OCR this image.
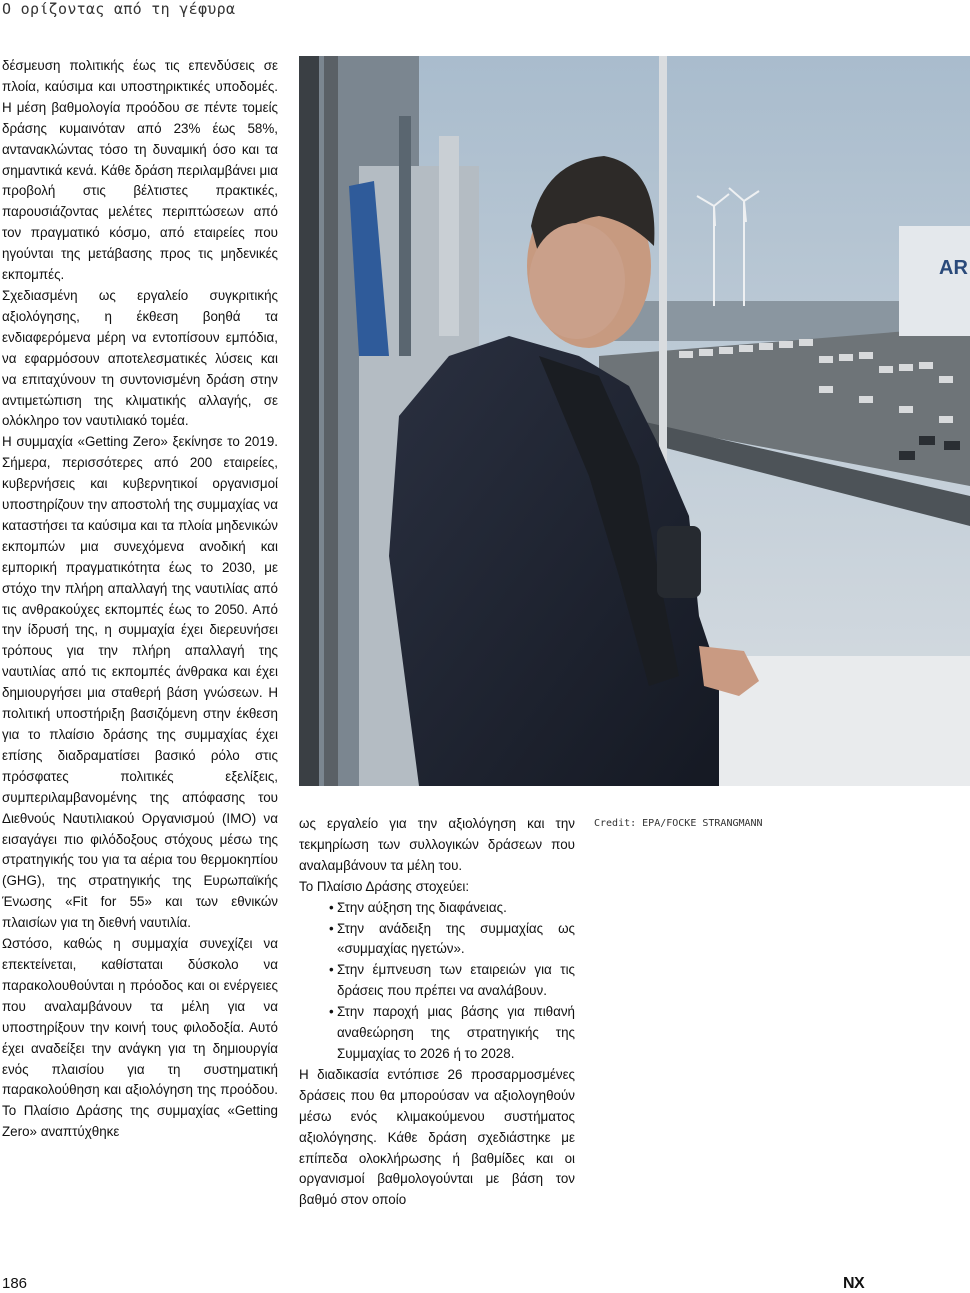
Ο ορίζοντας από τη γέφυρα

δέσμευση πολιτικής έως τις επενδύσεις σε πλοία, καύσιμα και υποστηρικτικές υποδομές. Η μέση βαθμολογία προόδου σε πέντε τομείς δράσης κυμαινόταν από 23% έως 58%, αντανακλώντας τόσο τη δυναμική όσο και τα σημαντικά κενά. Κάθε δράση περιλαμβάνει μια προβολή στις βέλτιστες πρακτικές, παρουσιάζοντας μελέτες περιπτώσεων από τον πραγματικό κόσμο, από εταιρείες που ηγούνται της μετάβασης προς τις μηδενικές εκπομπές.

Σχεδιασμένη ως εργαλείο συγκριτικής αξιολόγησης, η έκθεση βοηθά τα ενδιαφερόμενα μέρη να εντοπίσουν εμπόδια, να εφαρμόσουν αποτελεσματικές λύσεις και να επιταχύνουν τη συντονισμένη δράση στην αντιμετώπιση της κλιματικής αλλαγής, σε ολόκληρο τον ναυτιλιακό τομέα.

Η συμμαχία «Getting Zero» ξεκίνησε το 2019. Σήμερα, περισσότερες από 200 εταιρείες, κυβερνήσεις και κυβερνητικοί οργανισμοί υποστηρίζουν την αποστολή της συμμαχίας να καταστήσει τα καύσιμα και τα πλοία μηδενικών εκπομπών μια συνεχόμενα ανοδική και εμπορική πραγματικότητα έως το 2030, με στόχο την πλήρη απαλλαγή της ναυτιλίας από τις ανθρακούχες εκπομπές έως το 2050. Από την ίδρυσή της, η συμμαχία έχει διερευνήσει τρόπους για την πλήρη απαλλαγή της ναυτιλίας από τις εκπομπές άνθρακα και έχει δημιουργήσει μια σταθερή βάση γνώσεων. Η πολιτική υποστήριξη βασιζόμενη στην έκθεση για το πλαίσιο δράσης της συμμαχίας έχει επίσης διαδραματίσει βασικό ρόλο στις πρόσφατες πολιτικές εξελίξεις, συμπεριλαμβανομένης της απόφασης του Διεθνούς Ναυτιλιακού Οργανισμού (IMO) να εισαγάγει πιο φιλόδοξους στόχους μέσω της στρατηγικής του για τα αέρια του θερμοκηπίου (GHG), της στρατηγικής της Ευρωπαϊκής Ένωσης «Fit for 55» και των εθνικών πλαισίων για τη διεθνή ναυτιλία.

Ωστόσο, καθώς η συμμαχία συνεχίζει να επεκτείνεται, καθίσταται δύσκολο να παρακολουθούνται η πρόοδος και οι ενέργειες που αναλαμβάνουν τα μέλη για να υποστηρίξουν την κοινή τους φιλοδοξία. Αυτό έχει αναδείξει την ανάγκη για τη δημιουργία ενός πλαισίου για τη συστηματική παρακολούθηση και αξιολόγηση της προόδου. Το Πλαίσιο Δράσης της συμμαχίας «Getting Zero» αναπτύχθηκε

AR

ως εργαλείο για την αξιολόγηση και την τεκμηρίωση των συλλογικών δράσεων που αναλαμβάνουν τα μέλη του.

Το Πλαίσιο Δράσης στοχεύει:

• Στην αύξηση της διαφάνειας.
• Στην ανάδειξη της συμμαχίας ως «συμμαχίας ηγετών».
• Στην έμπνευση των εταιρειών για τις δράσεις που πρέπει να αναλάβουν.
• Στην παροχή μιας βάσης για πιθανή αναθεώρηση της στρατηγικής της Συμμαχίας το 2026 ή το 2028.

Η διαδικασία εντόπισε 26 προσαρμοσμένες δράσεις που θα μπορούσαν να αξιολογηθούν μέσω ενός κλιμακούμενου συστήματος αξιολόγησης. Κάθε δράση σχεδιάστηκε με επίπεδα ολοκλήρωσης ή βαθμίδες και οι οργανισμοί βαθμολογούνται με βάση τον βαθμό στον οποίο

Credit: EPA/FOCKE STRANGMANN
186	NX
